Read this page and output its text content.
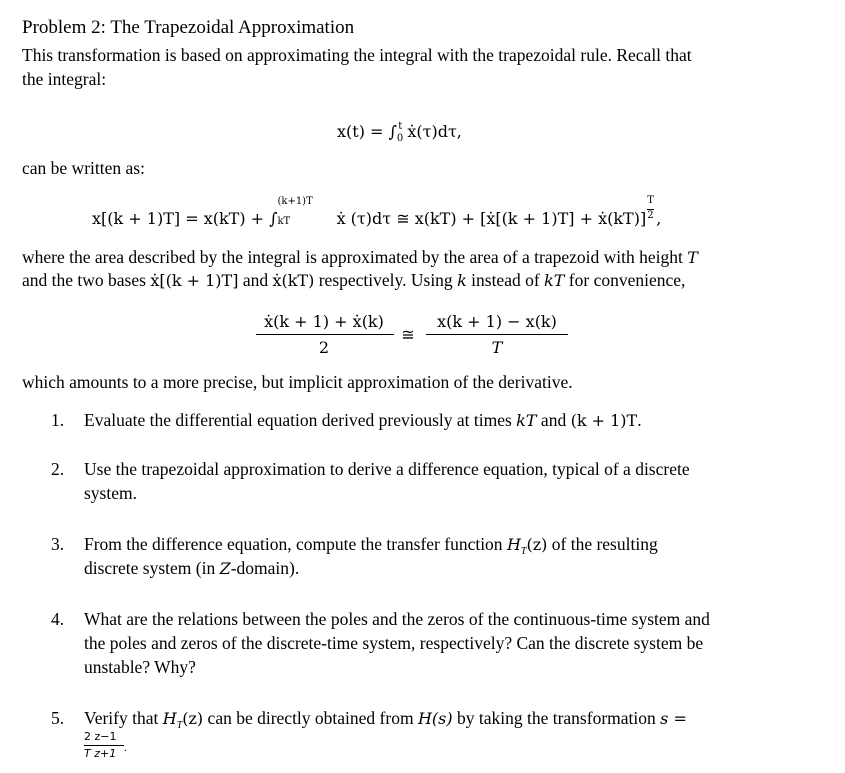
Problem 2: The Trapezoidal Approximation
This transformation is based on approximating the integral with the trapezoidal rule. Recall that
the integral:
$x(t) = \int_0^t$ ẋ(τ)dτ,
can be written as:
x[(k + 1)T] = x(kT) + ∫
(k+1)T
kT	ẋ (τ)dτ ≅ x(kT) + [ẋ[(k + 1)T] + ẋ(kT)] $\frac{T}{2}$ ,
where the area described by the integral is approximated by the area of a trapezoid with height T
and the two bases ẋ[(k + 1)T] and ẋ(kT) respectively. Using k instead of kT for convenience,
ẋ(k + 1) + ẋ(k)
2
≅
x(k + 1) − x(k)
T
which amounts to a more precise, but implicit approximation of the derivative.
1. Evaluate the differential equation derived previously at times kT and (k + 1)T.
2. Use the trapezoidal approximation to derive a difference equation, typical of a discrete
system.
3. From the difference equation, compute the transfer function $H_T(z)$ of the resulting
discrete system (in Z-domain).
4. What are the relations between the poles and the zeros of the continuous-time system and
the poles and zeros of the discrete-time system, respectively? Can the discrete system be
unstable? Why?
5. Verify that $H_T(z)$ can be directly obtained from H(s) by taking the transformation s =
2 z−1
T z+1 .
